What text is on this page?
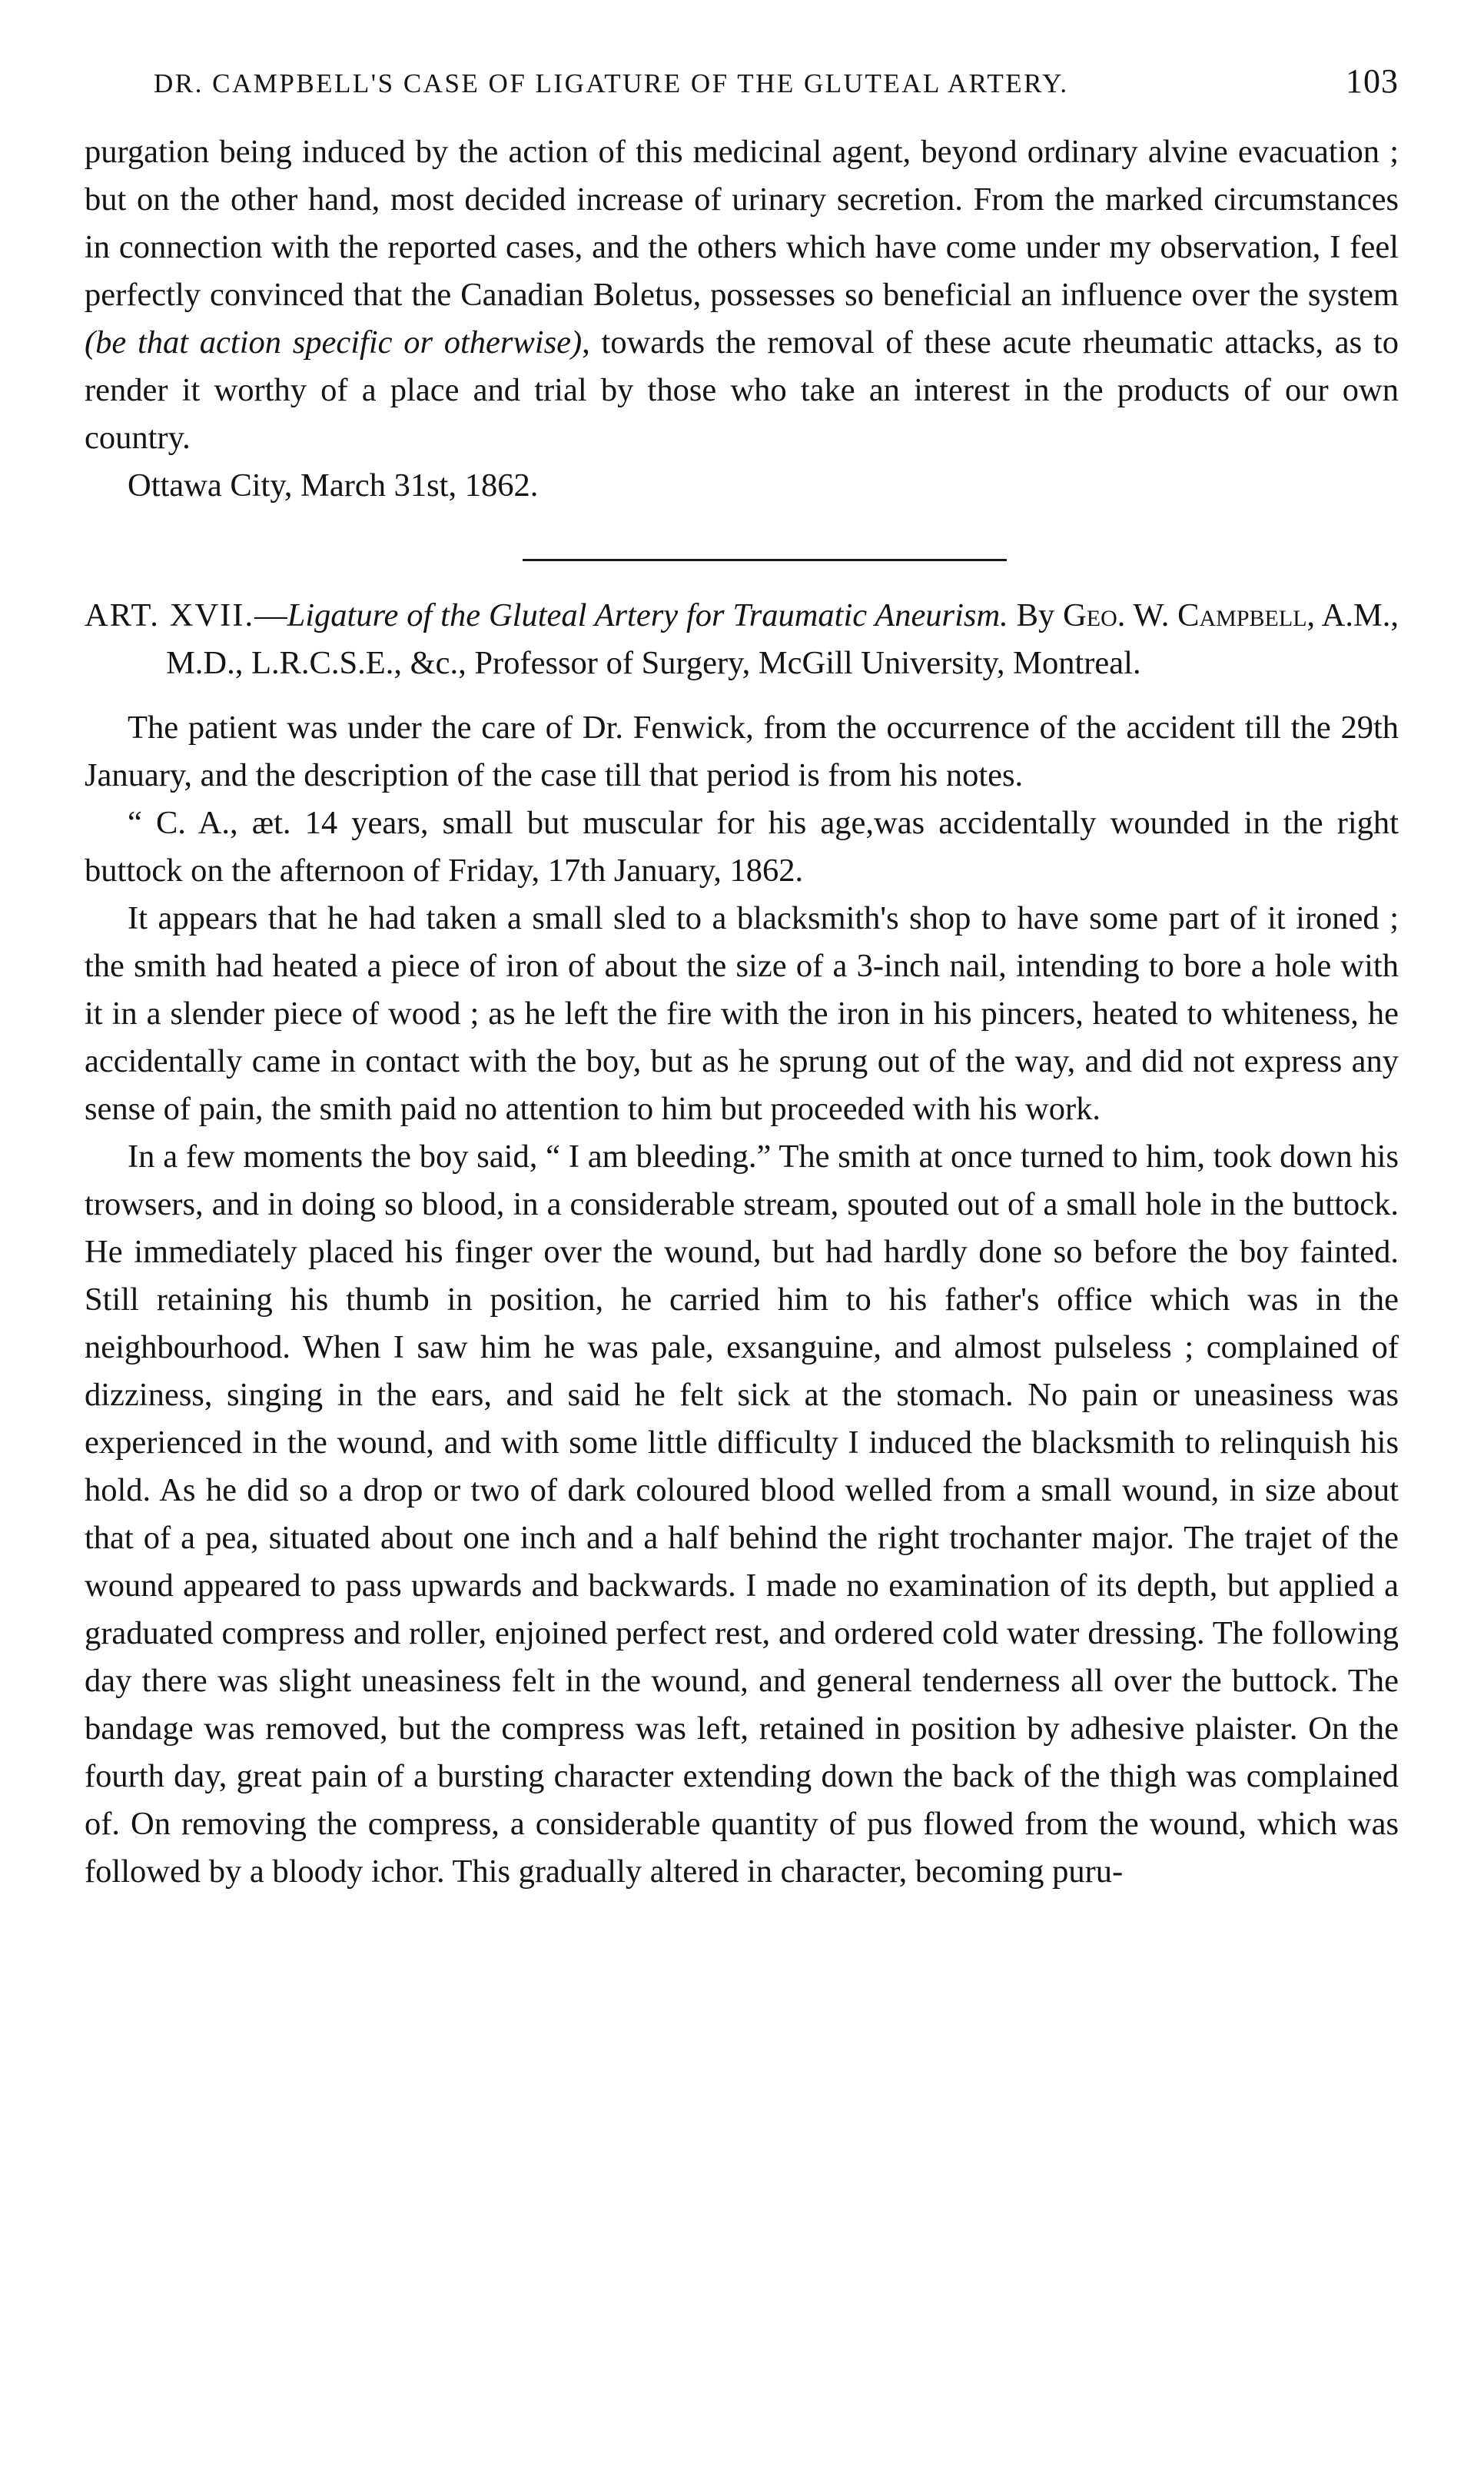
DR. CAMPBELL'S CASE OF LIGATURE OF THE GLUTEAL ARTERY.	103

purgation being induced by the action of this medicinal agent, beyond ordinary alvine evacuation ; but on the other hand, most decided increase of urinary secretion. From the marked circumstances in connection with the reported cases, and the others which have come under my observation, I feel perfectly convinced that the Canadian Boletus, possesses so beneficial an influence over the system (be that action specific or otherwise), towards the removal of these acute rheumatic attacks, as to render it worthy of a place and trial by those who take an interest in the products of our own country.

Ottawa City, March 31st, 1862.

ART. XVII.—Ligature of the Gluteal Artery for Traumatic Aneurism. By Geo. W. Campbell, A.M., M.D., L.R.C.S.E., &c., Professor of Surgery, McGill University, Montreal.

The patient was under the care of Dr. Fenwick, from the occurrence of the accident till the 29th January, and the description of the case till that period is from his notes.

“ C. A., æt. 14 years, small but muscular for his age,was accidentally wounded in the right buttock on the afternoon of Friday, 17th January, 1862.

It appears that he had taken a small sled to a blacksmith's shop to have some part of it ironed ; the smith had heated a piece of iron of about the size of a 3-inch nail, intending to bore a hole with it in a slender piece of wood ; as he left the fire with the iron in his pincers, heated to whiteness, he accidentally came in contact with the boy, but as he sprung out of the way, and did not express any sense of pain, the smith paid no attention to him but proceeded with his work.

In a few moments the boy said, “ I am bleeding.” The smith at once turned to him, took down his trowsers, and in doing so blood, in a considerable stream, spouted out of a small hole in the buttock. He immediately placed his finger over the wound, but had hardly done so before the boy fainted. Still retaining his thumb in position, he carried him to his father's office which was in the neighbourhood. When I saw him he was pale, exsanguine, and almost pulseless ; complained of dizziness, singing in the ears, and said he felt sick at the stomach. No pain or uneasiness was experienced in the wound, and with some little difficulty I induced the blacksmith to relinquish his hold. As he did so a drop or two of dark coloured blood welled from a small wound, in size about that of a pea, situated about one inch and a half behind the right trochanter major. The trajet of the wound appeared to pass upwards and backwards. I made no examination of its depth, but applied a graduated compress and roller, enjoined perfect rest, and ordered cold water dressing. The following day there was slight uneasiness felt in the wound, and general tenderness all over the buttock. The bandage was removed, but the compress was left, retained in position by adhesive plaister. On the fourth day, great pain of a bursting character extending down the back of the thigh was complained of. On removing the compress, a considerable quantity of pus flowed from the wound, which was followed by a bloody ichor. This gradually altered in character, becoming puru-
